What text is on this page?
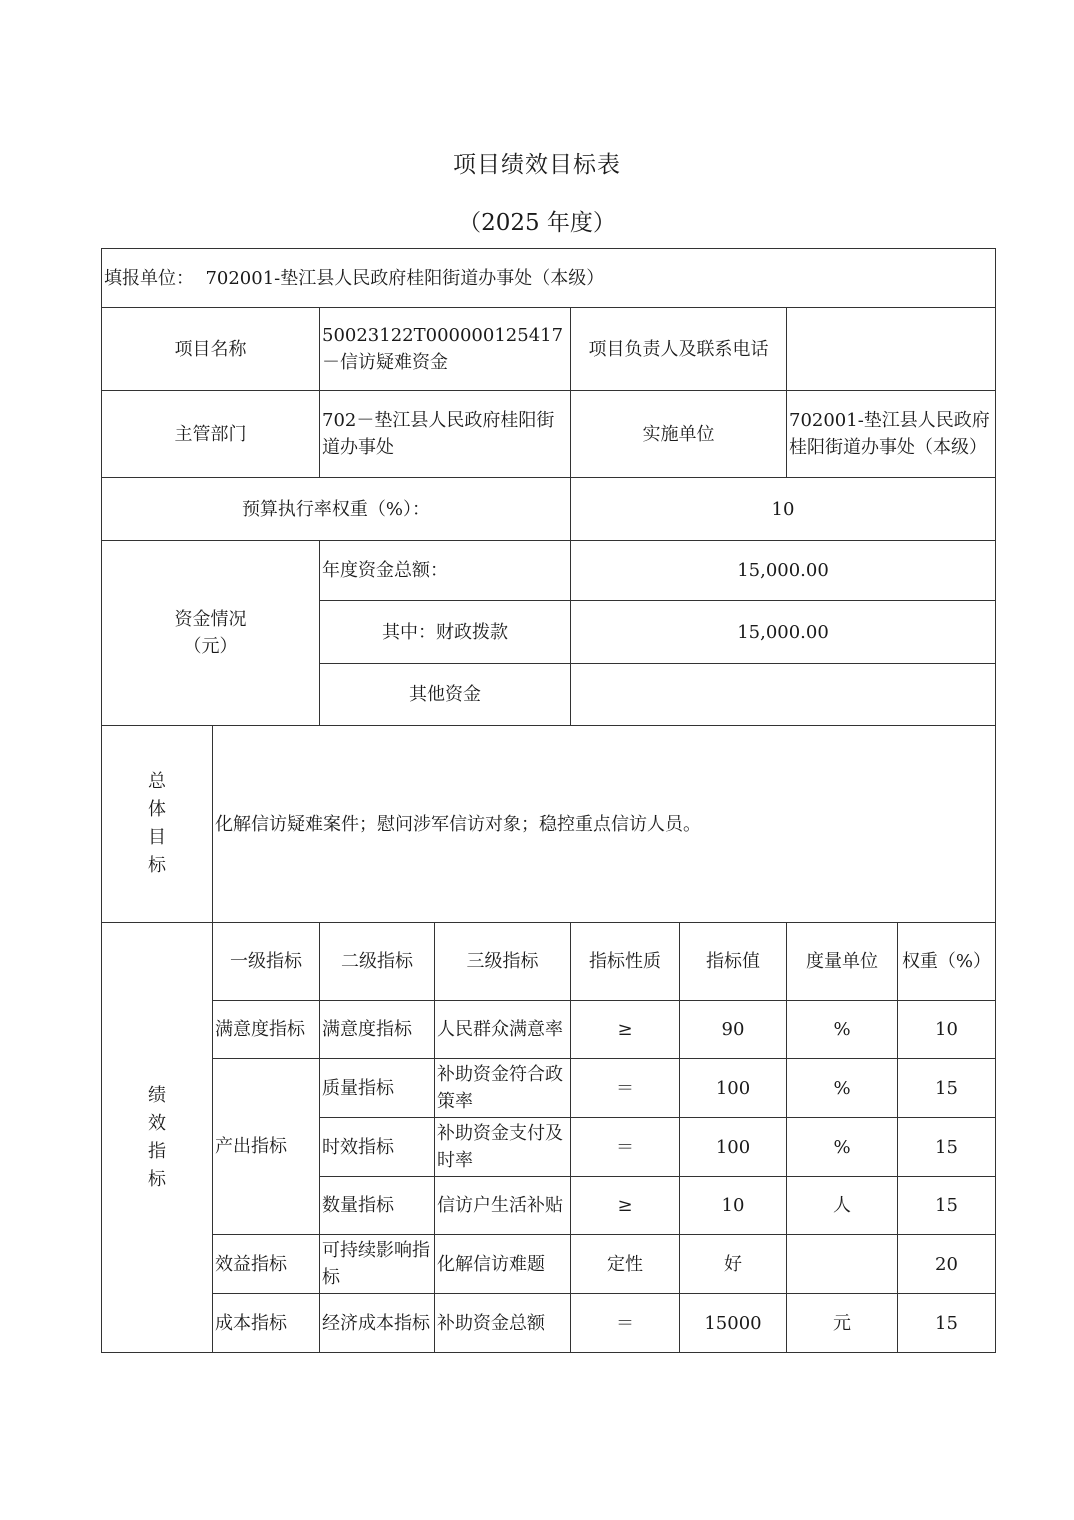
项目绩效目标表
（2025 年度）
填报单位： 702001-垫江县人民政府桂阳街道办事处（本级）							
项目名称		50023122T000000125417－信访疑难资金		项目负责人及联系电话			
主管部门		702－垫江县人民政府桂阳街道办事处		实施单位		702001-垫江县人民政府桂阳街道办事处（本级）	
预算执行率权重（%）：				10			
资金情况
（元）		年度资金总额：		15,000.00			
		其中：财政拨款		15,000.00			
		其他资金					

总
体
目
标	化解信访疑难案件；慰问涉军信访对象；稳控重点信访人员。						

绩
效
指
标	一级指标	二级指标	三级指标	指标性质	指标值	度量单位	权重（%）
	满意度指标	满意度指标	人民群众满意率	≥	90	%	10
	产出指标	质量指标	补助资金符合政策率	＝	100	%	15
		时效指标	补助资金支付及时率	＝	100	%	15
		数量指标	信访户生活补贴	≥	10	人	15
	效益指标	可持续影响指标	化解信访难题	定性	好		20
	成本指标	经济成本指标	补助资金总额	＝	15000	元	15
